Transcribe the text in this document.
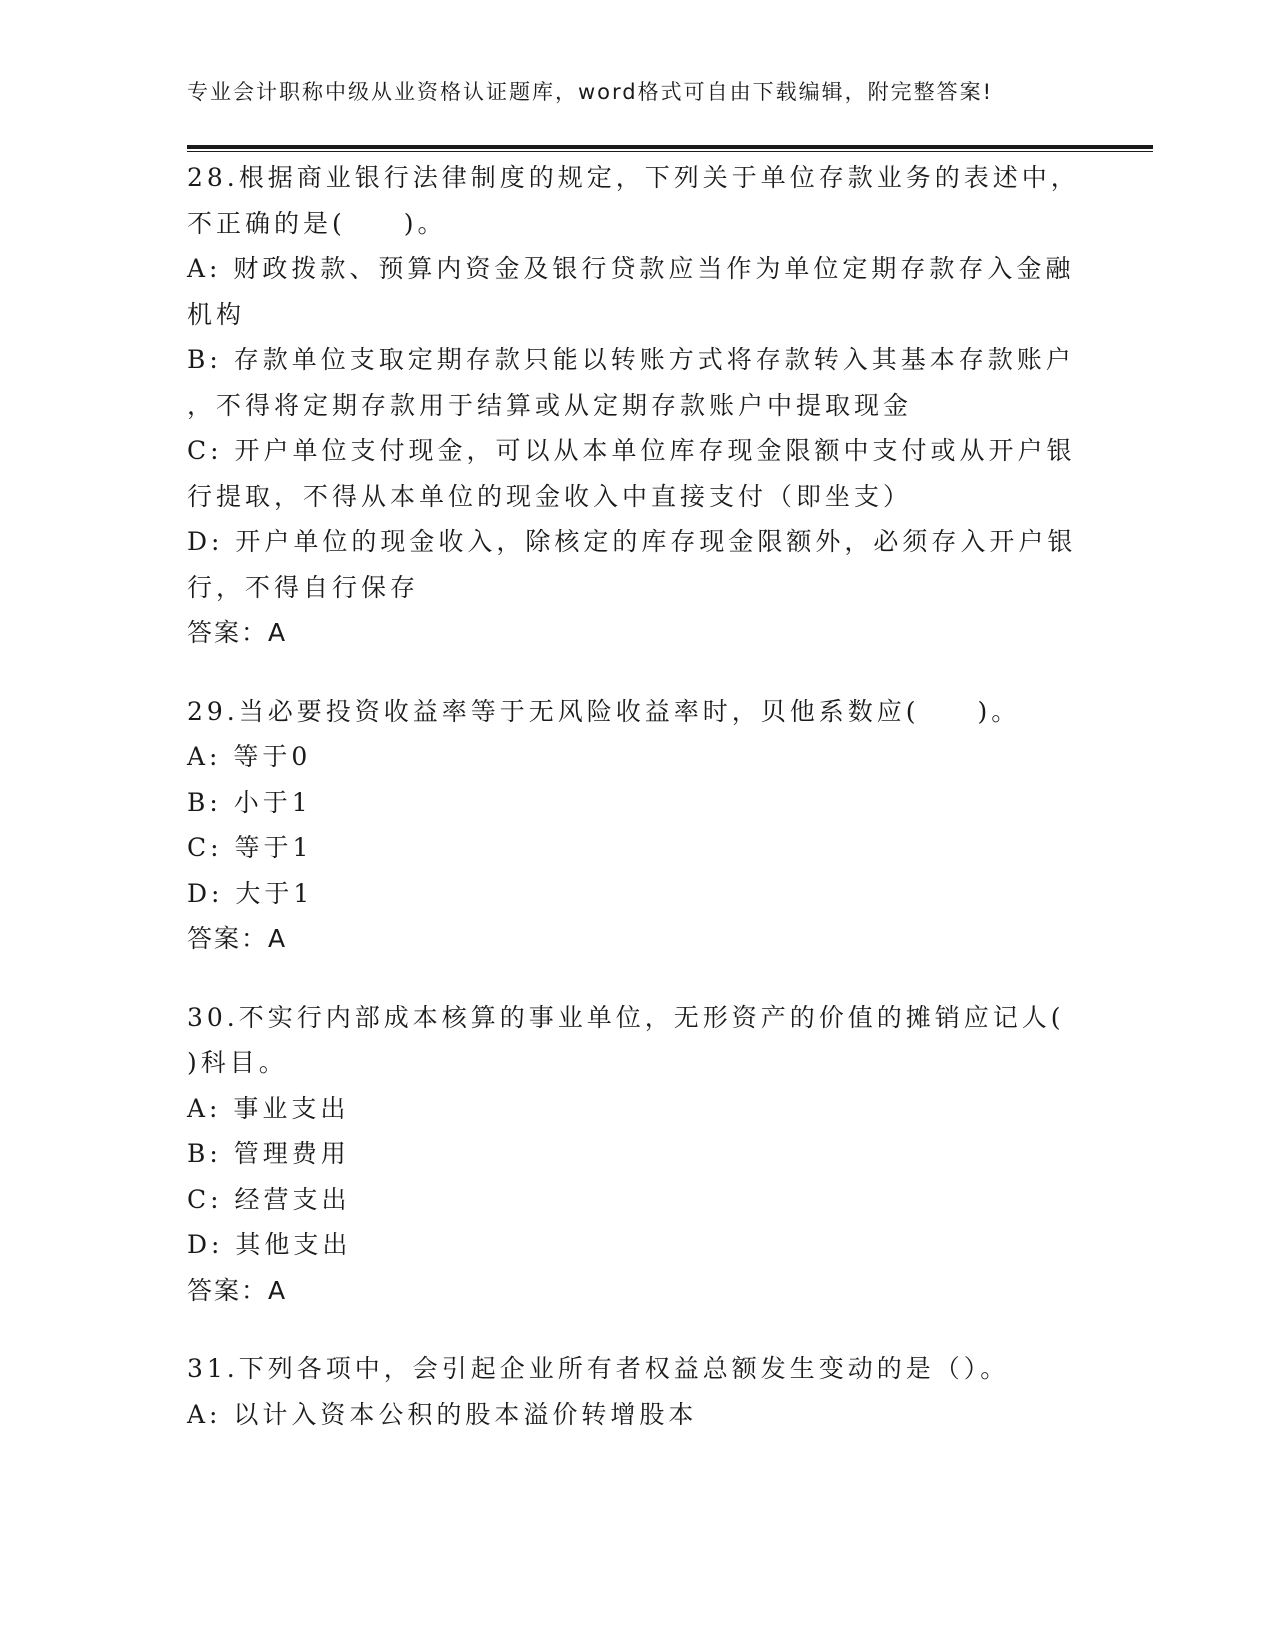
专业会计职称中级从业资格认证题库，word格式可自由下载编辑，附完整答案!
28.根据商业银行法律制度的规定，下列关于单位存款业务的表述中，
不正确的是(　　)。
A: 财政拨款、预算内资金及银行贷款应当作为单位定期存款存入金融
机构
B: 存款单位支取定期存款只能以转账方式将存款转入其基本存款账户
，不得将定期存款用于结算或从定期存款账户中提取现金
C: 开户单位支付现金，可以从本单位库存现金限额中支付或从开户银
行提取，不得从本单位的现金收入中直接支付（即坐支）
D: 开户单位的现金收入，除核定的库存现金限额外，必须存入开户银
行，不得自行保存
答案：A
29.当必要投资收益率等于无风险收益率时，贝他系数应(　　)。
A: 等于0
B: 小于1
C: 等于1
D: 大于1
答案：A
30.不实行内部成本核算的事业单位，无形资产的价值的摊销应记人(
)科目。
A: 事业支出
B: 管理费用
C: 经营支出
D: 其他支出
答案：A
31.下列各项中，会引起企业所有者权益总额发生变动的是（）。
A: 以计入资本公积的股本溢价转增股本
